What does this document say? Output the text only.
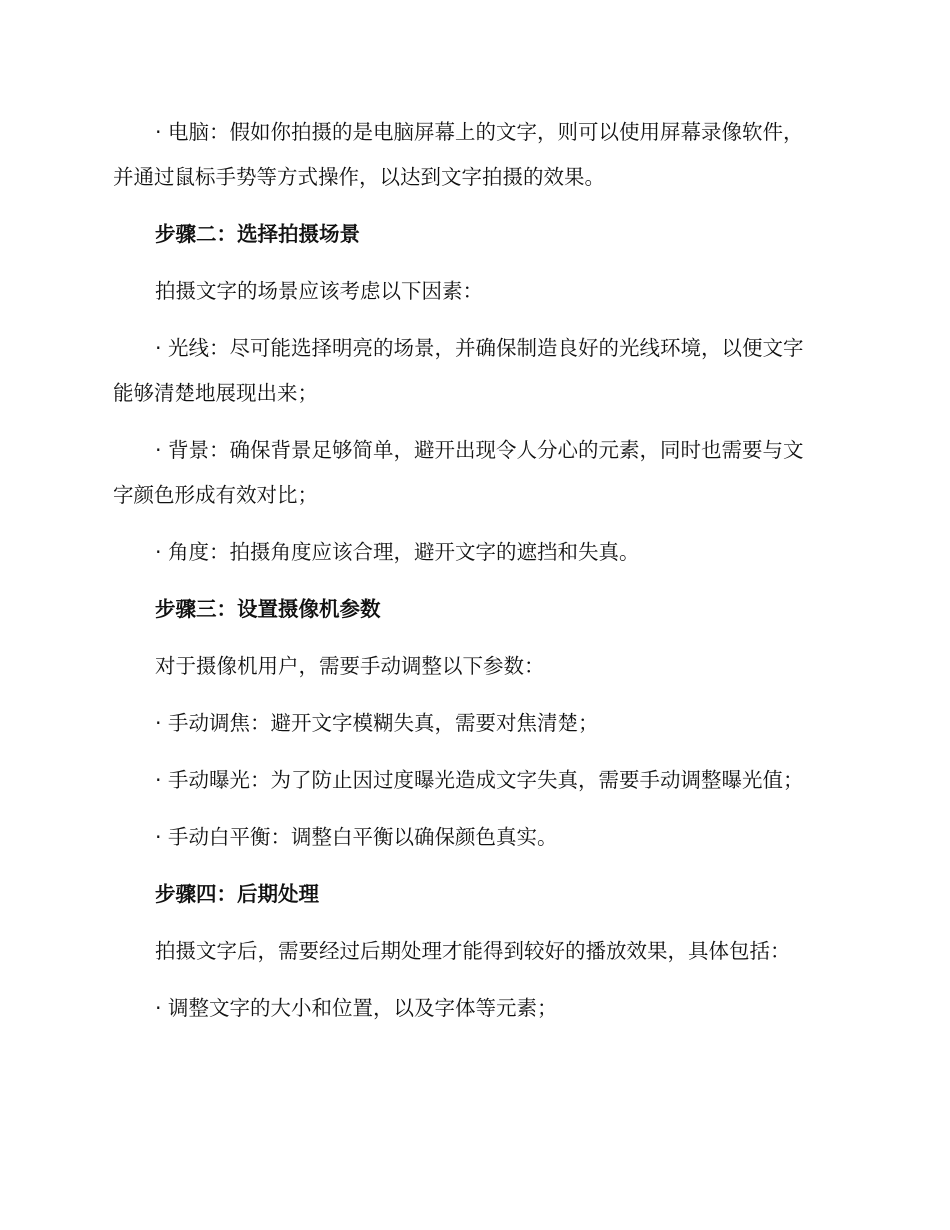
· 电脑：假如你拍摄的是电脑屏幕上的文字，则可以使用屏幕录像软件，并通过鼠标手势等方式操作，以达到文字拍摄的效果。

步骤二：选择拍摄场景

拍摄文字的场景应该考虑以下因素：

· 光线：尽可能选择明亮的场景，并确保制造良好的光线环境，以便文字能够清楚地展现出来；

· 背景：确保背景足够简单，避开出现令人分心的元素，同时也需要与文字颜色形成有效对比；

· 角度：拍摄角度应该合理，避开文字的遮挡和失真。

步骤三：设置摄像机参数

对于摄像机用户，需要手动调整以下参数：

· 手动调焦：避开文字模糊失真，需要对焦清楚；

· 手动曝光：为了防止因过度曝光造成文字失真，需要手动调整曝光值；

· 手动白平衡：调整白平衡以确保颜色真实。

步骤四：后期处理

拍摄文字后，需要经过后期处理才能得到较好的播放效果，具体包括：

· 调整文字的大小和位置，以及字体等元素；
